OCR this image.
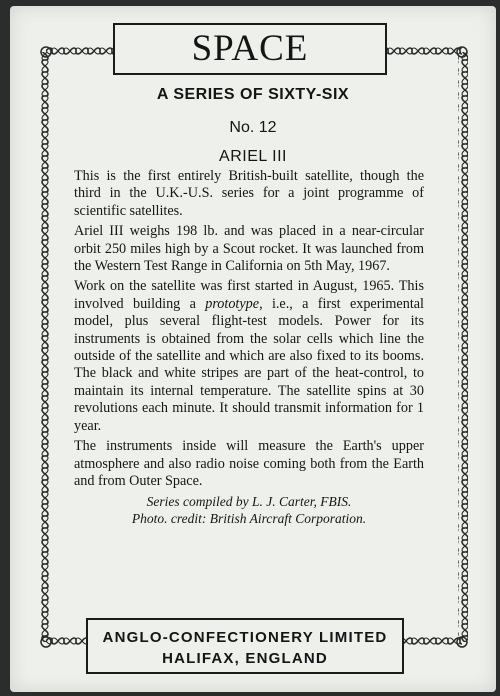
SPACE
A SERIES OF SIXTY-SIX
No. 12
ARIEL III

This is the first entirely British-built satellite, though the third in the U.K.-U.S. series for a joint programme of scientific satellites.

Ariel III weighs 198 lb. and was placed in a near-circular orbit 250 miles high by a Scout rocket. It was launched from the Western Test Range in California on 5th May, 1967.

Work on the satellite was first started in August, 1965. This involved building a prototype, i.e., a first experimental model, plus several flight-test models. Power for its instruments is obtained from the solar cells which line the outside of the satellite and which are also fixed to its booms. The black and white stripes are part of the heat-control, to maintain its internal temperature. The satellite spins at 30 revolutions each minute. It should transmit information for 1 year.

The instruments inside will measure the Earth's upper atmosphere and also radio noise coming both from the Earth and from Outer Space.

Series compiled by L. J. Carter, FBIS.
Photo. credit: British Aircraft Corporation.
ANGLO-CONFECTIONERY LIMITED
HALIFAX, ENGLAND
